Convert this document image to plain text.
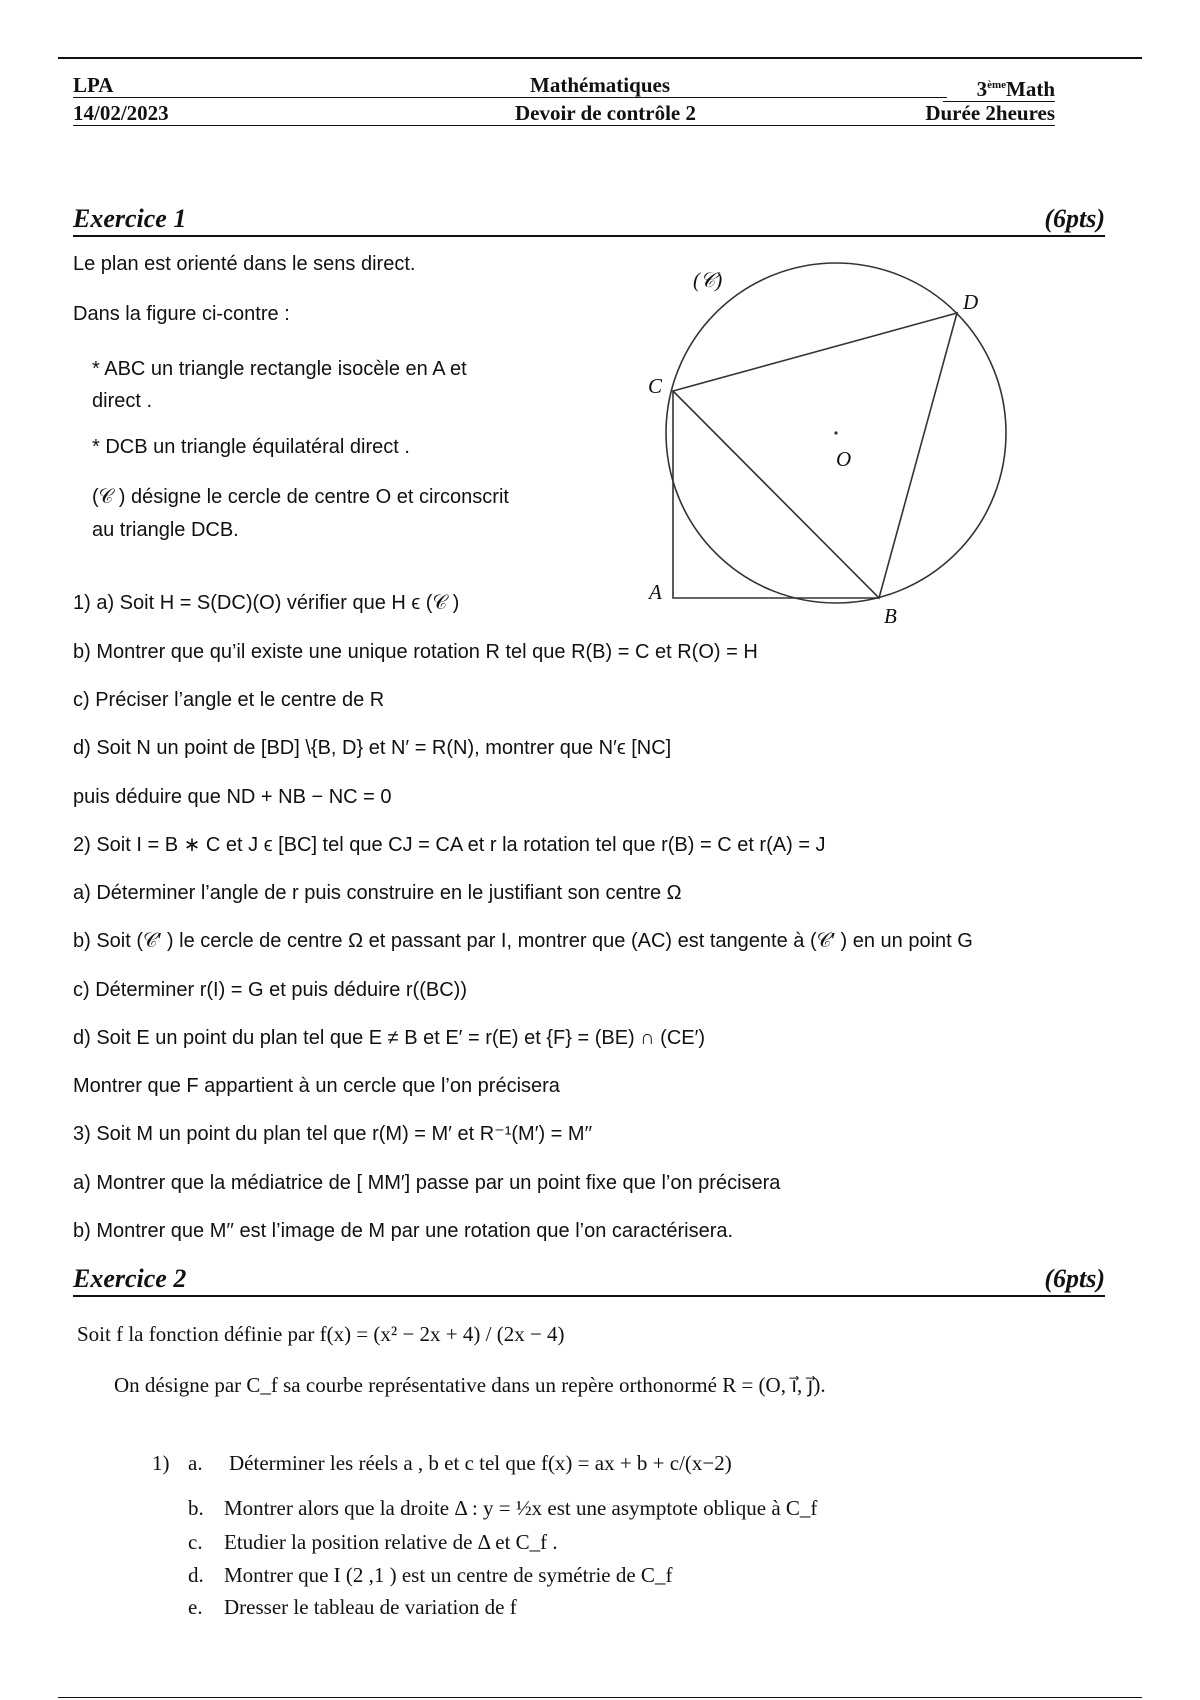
LPA	Mathématiques	3èmeMath
14/02/2023	Devoir de contrôle 2	Durée 2heures
Exercice 1	(6pts)
Le plan est orienté dans le sens direct.
Dans la figure ci-contre :
* ABC un triangle rectangle isocèle en A et
direct .
* DCB un triangle équilatéral direct .
(𝒞 ) désigne le cercle de centre O et circonscrit
au triangle DCB.
1) a) Soit H = S(DC)(O) vérifier que H ϵ (𝒞 )
b) Montrer que qu’il existe une unique rotation R tel que R(B) = C et R(O) = H
c) Préciser l’angle et le centre de R
d) Soit N un point de [BD] \{B, D} et N′ = R(N), montrer que N′ϵ [NC]
puis déduire que ND + NB − NC = 0
2) Soit I = B ∗ C et J ϵ [BC] tel que CJ = CA et r la rotation tel que r(B) = C et r(A) = J
a) Déterminer l’angle de r puis construire en le justifiant son centre Ω
b) Soit (𝒞′ ) le cercle de centre Ω et passant par I, montrer que (AC) est tangente à (𝒞′ ) en un point G
c) Déterminer r(I) = G et puis déduire r((BC))
d) Soit E un point du plan tel que E ≠ B et E′ = r(E) et {F} = (BE) ∩ (CE′)
Montrer que F appartient à un cercle que l’on précisera
3) Soit M un point du plan tel que r(M) = M′ et R⁻¹(M′) = M′′
a) Montrer que la médiatrice de [ MM′] passe par un point fixe que l’on précisera
b) Montrer que M′′ est l’image de M par une rotation que l’on caractérisera.
(𝒞)
D
C
O
A
B
Exercice 2	(6pts)
Soit f la fonction définie par f(x) = (x² − 2x + 4) / (2x − 4)
On désigne par C_f sa courbe représentative dans un repère orthonormé R = (O, i⃗, j⃗).
1) a. Déterminer les réels a , b et c tel que f(x) = ax + b + c/(x−2)
b. Montrer alors que la droite Δ : y = ½x est une asymptote oblique à C_f
c. Etudier la position relative de Δ et C_f .
d. Montrer que I (2 ,1 ) est un centre de symétrie de C_f
e. Dresser le tableau de variation de f
